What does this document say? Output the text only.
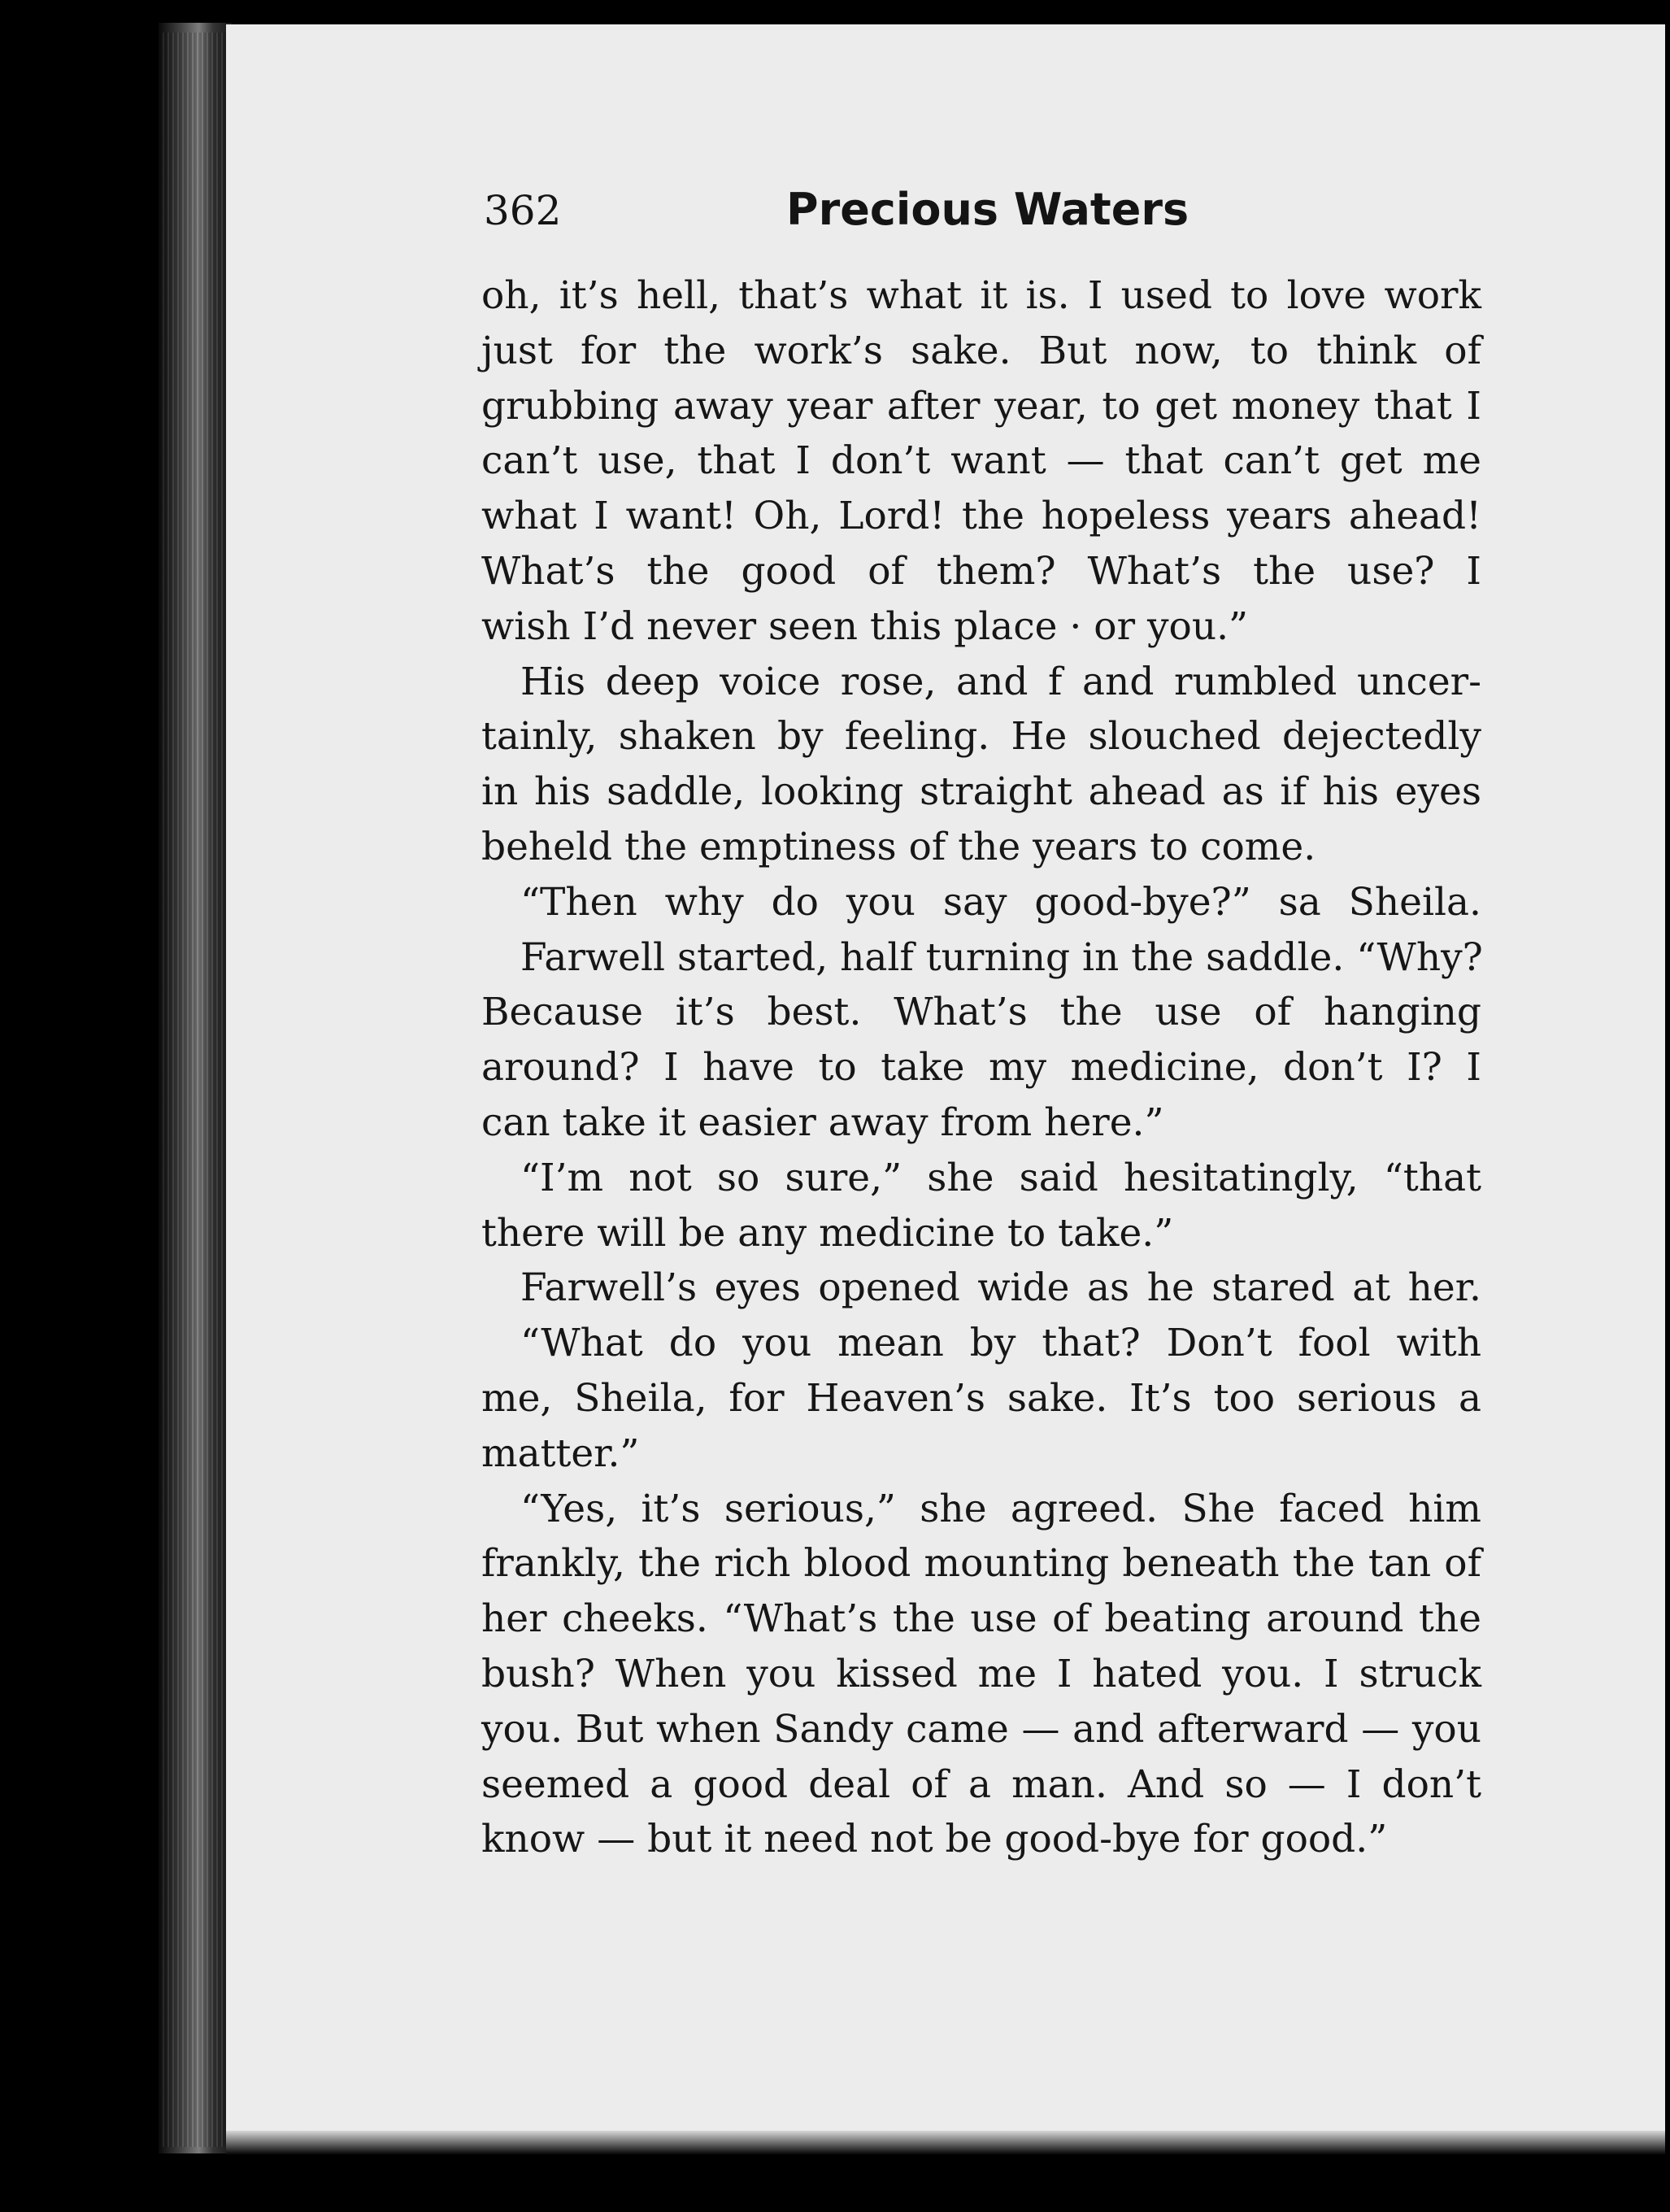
362	Precious Waters
oh, it’s hell, that’s what it is. I used to love work
just for the work’s sake. But now, to think of
grubbing away year after year, to get money that I
can’t use, that I don’t want — that can’t get me
what I want! Oh, Lord! the hopeless years ahead!
What’s the good of them? What’s the use? I
wish I’d never seen this place · or you.”
His deep voice rose, and f and rumbled uncer-
tainly, shaken by feeling. He slouched dejectedly
in his saddle, looking straight ahead as if his eyes
beheld the emptiness of the years to come.
“Then why do you say good-bye?” sa Sheila.
Farwell started, half turning in the saddle. “Why?
Because it’s best. What’s the use of hanging
around? I have to take my medicine, don’t I? I
can take it easier away from here.”
“I’m not so sure,” she said hesitatingly, “that
there will be any medicine to take.”
Farwell’s eyes opened wide as he stared at her.
“What do you mean by that? Don’t fool with
me, Sheila, for Heaven’s sake. It’s too serious a
matter.”
“Yes, it’s serious,” she agreed. She faced him
frankly, the rich blood mounting beneath the tan of
her cheeks. “What’s the use of beating around the
bush? When you kissed me I hated you. I struck
you. But when Sandy came — and afterward — you
seemed a good deal of a man. And so — I don’t
know — but it need not be good-bye for good.”
